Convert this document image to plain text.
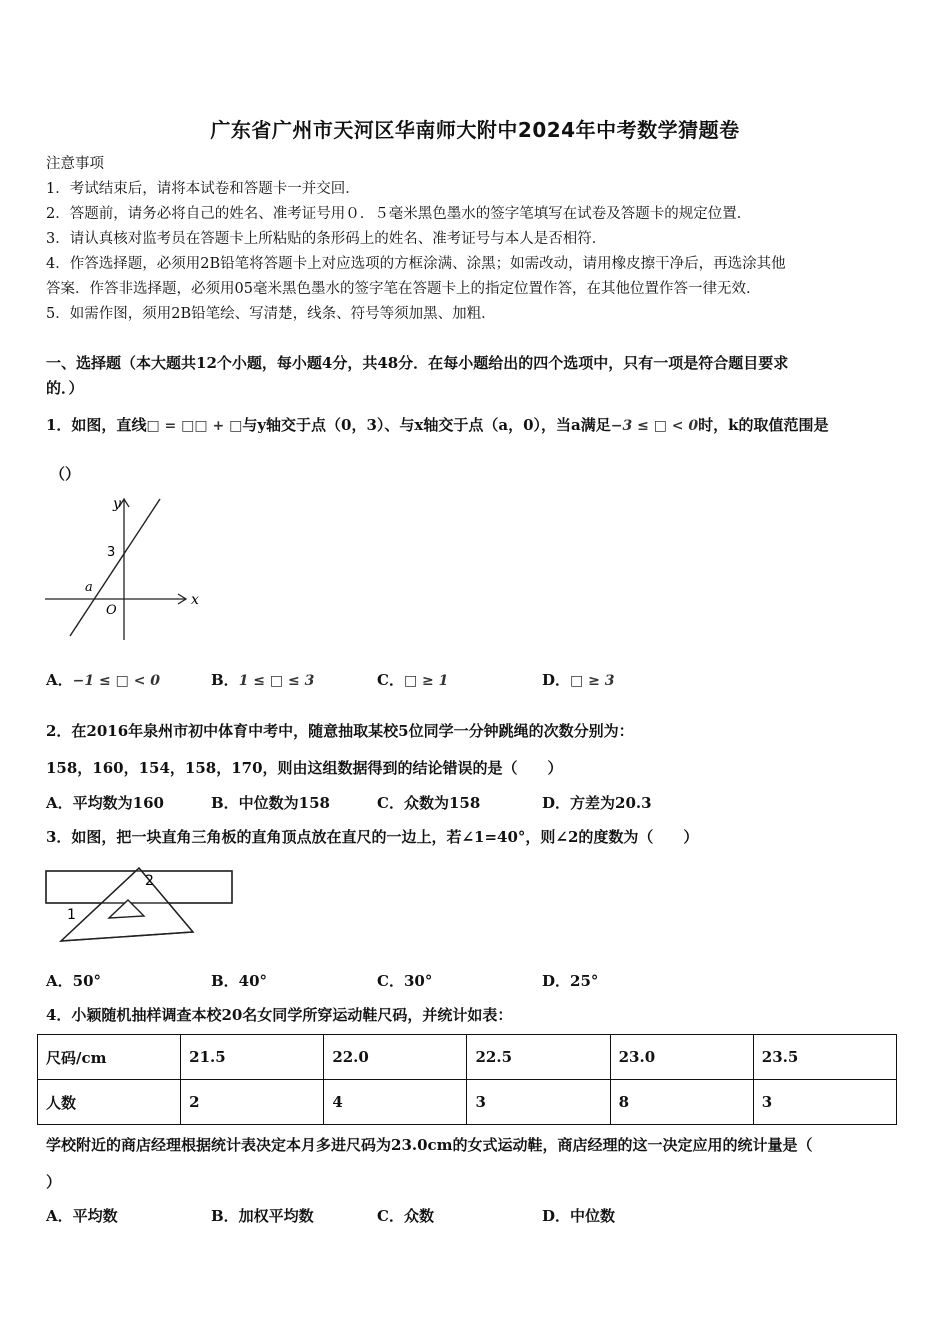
广东省广州市天河区华南师大附中2024年中考数学猜题卷
注意事项
1．考试结束后，请将本试卷和答题卡一并交回．
2．答题前，请务必将自己的姓名、准考证号用０．５毫米黑色墨水的签字笔填写在试卷及答题卡的规定位置．
3．请认真核对监考员在答题卡上所粘贴的条形码上的姓名、准考证号与本人是否相符．
4．作答选择题，必须用2B铅笔将答题卡上对应选项的方框涂满、涂黑；如需改动，请用橡皮擦干净后，再选涂其他
答案．作答非选择题，必须用05毫米黑色墨水的签字笔在答题卡上的指定位置作答，在其他位置作答一律无效．
5．如需作图，须用2B铅笔绘、写清楚，线条、符号等须加黑、加粗．
一、选择题（本大题共12个小题，每小题4分，共48分．在每小题给出的四个选项中，只有一项是符合题目要求
的．）
1．如图，直线□ = □□ + □与y轴交于点（0，3）、与x轴交于点（a，0），当a满足−3 ≤ □ < 0时，k的取值范围是
（）
y
x
3
a
O
A．−1 ≤ □ < 0	B．1 ≤ □ ≤ 3	C．□ ≥ 1	D．□ ≥ 3
2．在2016年泉州市初中体育中考中，随意抽取某校5位同学一分钟跳绳的次数分别为：
158，160，154，158，170，则由这组数据得到的结论错误的是（　　）
A．平均数为160	B．中位数为158	C．众数为158	D．方差为20.3
3．如图，把一块直角三角板的直角顶点放在直尺的一边上，若∠1=40°，则∠2的度数为（　　）
2
1
A．50°	B．40°	C．30°	D．25°
4．小颖随机抽样调查本校20名女同学所穿运动鞋尺码，并统计如表：
尺码/cm	21.5	22.0	22.5	23.0	23.5
人数	2	4	3	8	3
学校附近的商店经理根据统计表决定本月多进尺码为23.0cm的女式运动鞋，商店经理的这一决定应用的统计量是（
）
A．平均数	B．加权平均数	C．众数	D．中位数
